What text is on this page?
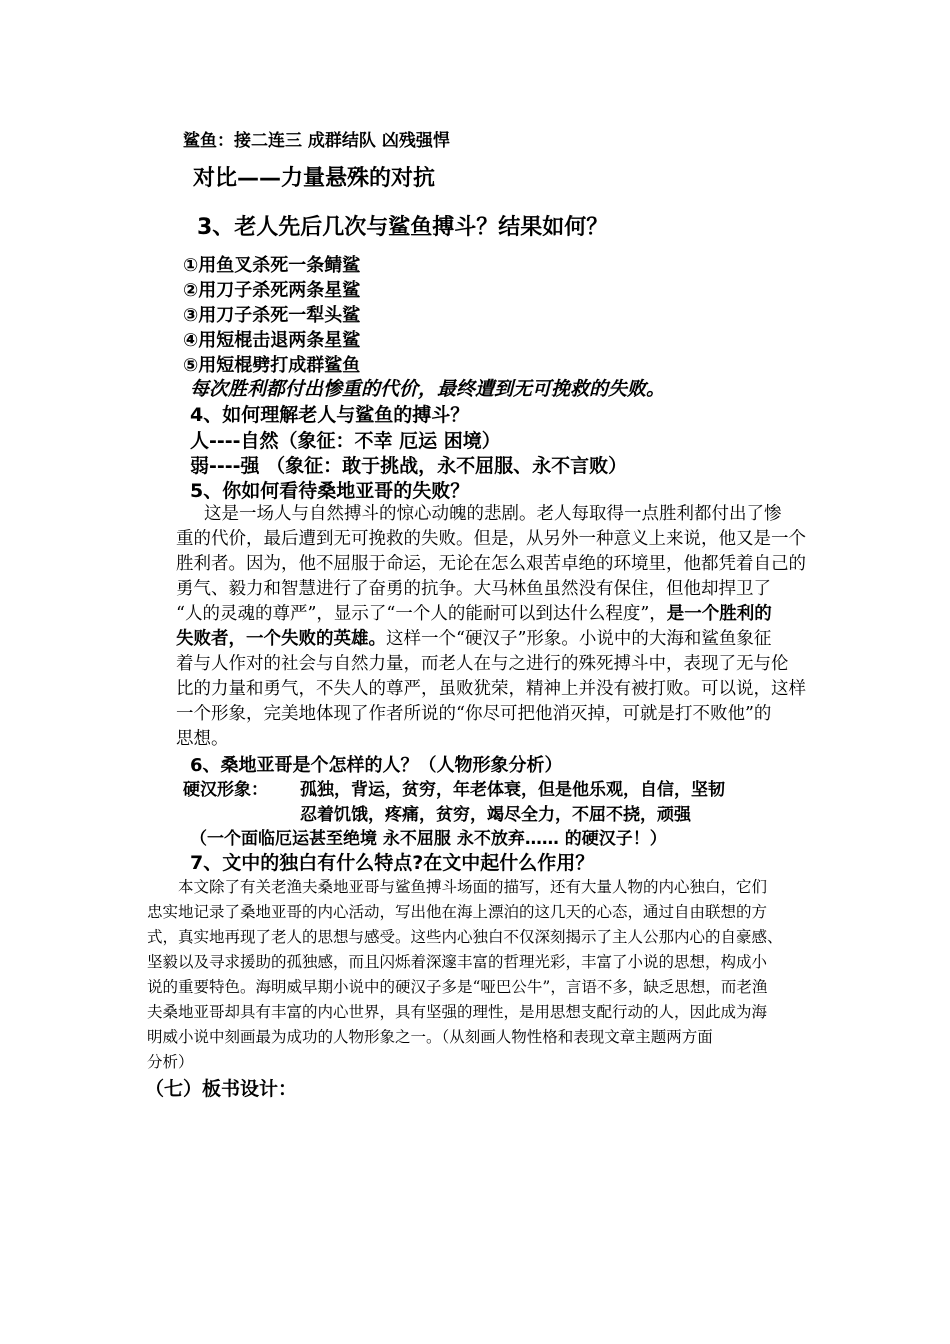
鲨鱼：接二连三 成群结队 凶残强悍

对比——力量悬殊的对抗

3、老人先后几次与鲨鱼搏斗？结果如何？

①用鱼叉杀死一条鲭鲨

②用刀子杀死两条星鲨

③用刀子杀死一犁头鲨

④用短棍击退两条星鲨

⑤用短棍劈打成群鲨鱼

每次胜利都付出惨重的代价，最终遭到无可挽救的失败。

4、如何理解老人与鲨鱼的搏斗？

人----自然（象征：不幸 厄运 困境）

弱----强 （象征：敢于挑战，永不屈服、永不言败）

5、你如何看待桑地亚哥的失败？

这是一场人与自然搏斗的惊心动魄的悲剧。老人每取得一点胜利都付出了惨

重的代价，最后遭到无可挽救的失败。但是，从另外一种意义上来说，他又是一个

胜利者。因为，他不屈服于命运，无论在怎么艰苦卓绝的环境里，他都凭着自己的

勇气、毅力和智慧进行了奋勇的抗争。大马林鱼虽然没有保住，但他却捍卫了

“人的灵魂的尊严”，显示了“一个人的能耐可以到达什么程度”，是一个胜利的

失败者，一个失败的英雄。这样一个“硬汉子”形象。小说中的大海和鲨鱼象征

着与人作对的社会与自然力量，而老人在与之进行的殊死搏斗中，表现了无与伦

比的力量和勇气，不失人的尊严，虽败犹荣，精神上并没有被打败。可以说，这样

一个形象，完美地体现了作者所说的“你尽可把他消灭掉，可就是打不败他”的

思想。

6、桑地亚哥是个怎样的人？（人物形象分析）

硬汉形象： 孤独，背运，贫穷，年老体衰，但是他乐观，自信，坚韧

忍着饥饿，疼痛，贫穷，竭尽全力，不屈不挠，顽强

（一个面临厄运甚至绝境 永不屈服 永不放弃…… 的硬汉子！）

7、文中的独白有什么特点?在文中起什么作用？

本文除了有关老渔夫桑地亚哥与鲨鱼搏斗场面的描写，还有大量人物的内心独白，它们

忠实地记录了桑地亚哥的内心活动，写出他在海上漂泊的这几天的心态，通过自由联想的方

式，真实地再现了老人的思想与感受。这些内心独白不仅深刻揭示了主人公那内心的自豪感、

坚毅以及寻求援助的孤独感，而且闪烁着深邃丰富的哲理光彩，丰富了小说的思想，构成小

说的重要特色。海明威早期小说中的硬汉子多是“哑巴公牛”，言语不多，缺乏思想，而老渔

夫桑地亚哥却具有丰富的内心世界，具有坚强的理性，是用思想支配行动的人，因此成为海

明威小说中刻画最为成功的人物形象之一。（从刻画人物性格和表现文章主题两方面

分析）

（七）板书设计：
